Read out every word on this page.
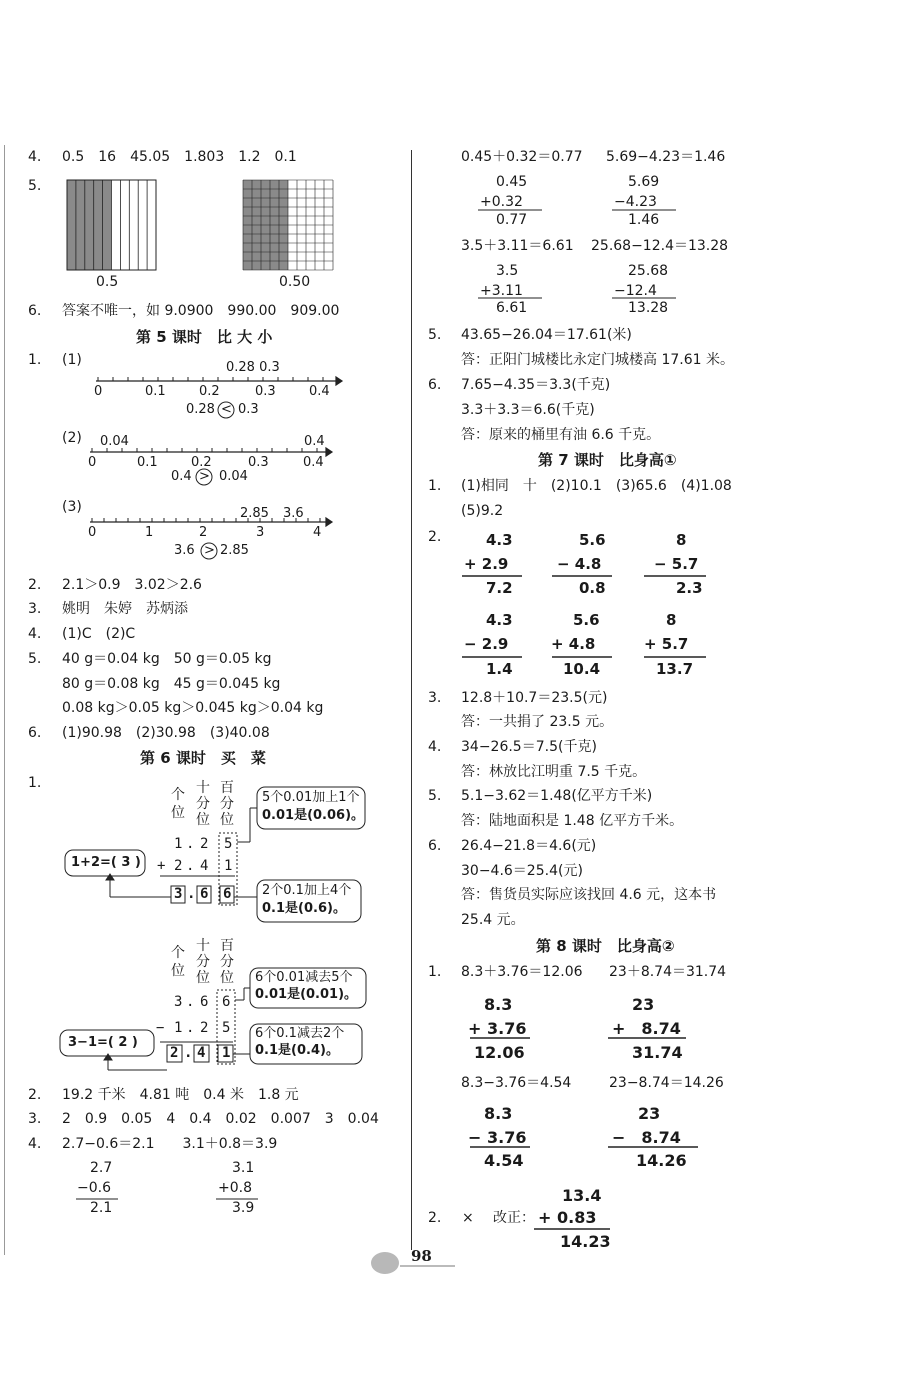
4. 0.5　16　45.05　1.803　1.2　0.1
5.
0.5	0.50
6. 答案不唯一，如 9.0900　990.00　909.00
第 5 课时　比 大 小
1. (1)	0.28 0.3
0	0.1	0.2	0.3	0.4
0.28 < 0.3
(2) 0.04	0.4
0	0.1	0.2	0.3	0.4
0.4 > 0.04
(3)	2.85 3.6
0	1	2	3	4
3.6 > 2.85
2. 2.1＞0.9　3.02＞2.6
3. 姚明　朱婷　苏炳添
4. (1)C　(2)C
5. 40 g＝0.04 kg　50 g＝0.05 kg
80 g＝0.08 kg　45 g＝0.045 kg
0.08 kg＞0.05 kg＞0.045 kg＞0.04 kg
6. (1)90.98　(2)30.98　(3)40.08
第 6 课时　买　菜
1.
个
位
十
分
位
百
分
位
1 . 2 5
+ 2 . 4 1
3 . 6 6
1+2=( 3 )
5个0.01加上1个
0.01是(0.06)。
2个0.1加上4个
0.1是(0.6)。
个
位
十
分
位
百
分
位
3 . 6 6
− 1 . 2 5
2 . 4 1
3−1=( 2 )
6个0.01减去5个
0.01是(0.01)。
6个0.1减去2个
0.1是(0.4)。
2. 19.2 千米　4.81 吨　0.4 米　1.8 元
3. 2　0.9　0.05　4　0.4　0.02　0.007　3　0.04
4. 2.7−0.6＝2.1　　3.1＋0.8＝3.9
2.7
−0.6
2.1
3.1
+0.8
3.9
0.45＋0.32＝0.77 5.69−4.23＝1.46
0.45
+0.32
0.77
5.69
−4.23
1.46
3.5＋3.11＝6.61 25.68−12.4＝13.28
3.5
+3.11
6.61
25.68
−12.4
13.28
5. 43.65−26.04＝17.61(米)
答：正阳门城楼比永定门城楼高 17.61 米。
6. 7.65−4.35＝3.3(千克)
3.3＋3.3＝6.6(千克)
答：原来的桶里有油 6.6 千克。
第 7 课时　比身高①
1. (1)相同　十　(2)10.1　(3)65.6　(4)1.08
(5)9.2
2.	4.3
+ 2.9
7.2
5.6
− 4.8
0.8
8
− 5.7
2.3
4.3
− 2.9
1.4
5.6
+ 4.8
10.4
8
+ 5.7
13.7
3. 12.8＋10.7＝23.5(元)
答：一共捐了 23.5 元。
4. 34−26.5＝7.5(千克)
答：林放比江明重 7.5 千克。
5. 5.1−3.62＝1.48(亿平方千米)
答：陆地面积是 1.48 亿平方千米。
6. 26.4−21.8＝4.6(元)
30−4.6＝25.4(元)
答：售货员实际应该找回 4.6 元，这本书
25.4 元。
第 8 课时　比身高②
1. 8.3＋3.76＝12.06 23＋8.74＝31.74
8.3
+ 3.76
12.06
23
+　8.74
31.74
8.3−3.76＝4.54	23−8.74＝14.26
8.3
− 3.76
4.54
23
−　8.74
14.26
13.4
2. × 改正： + 0.83
14.23
98
